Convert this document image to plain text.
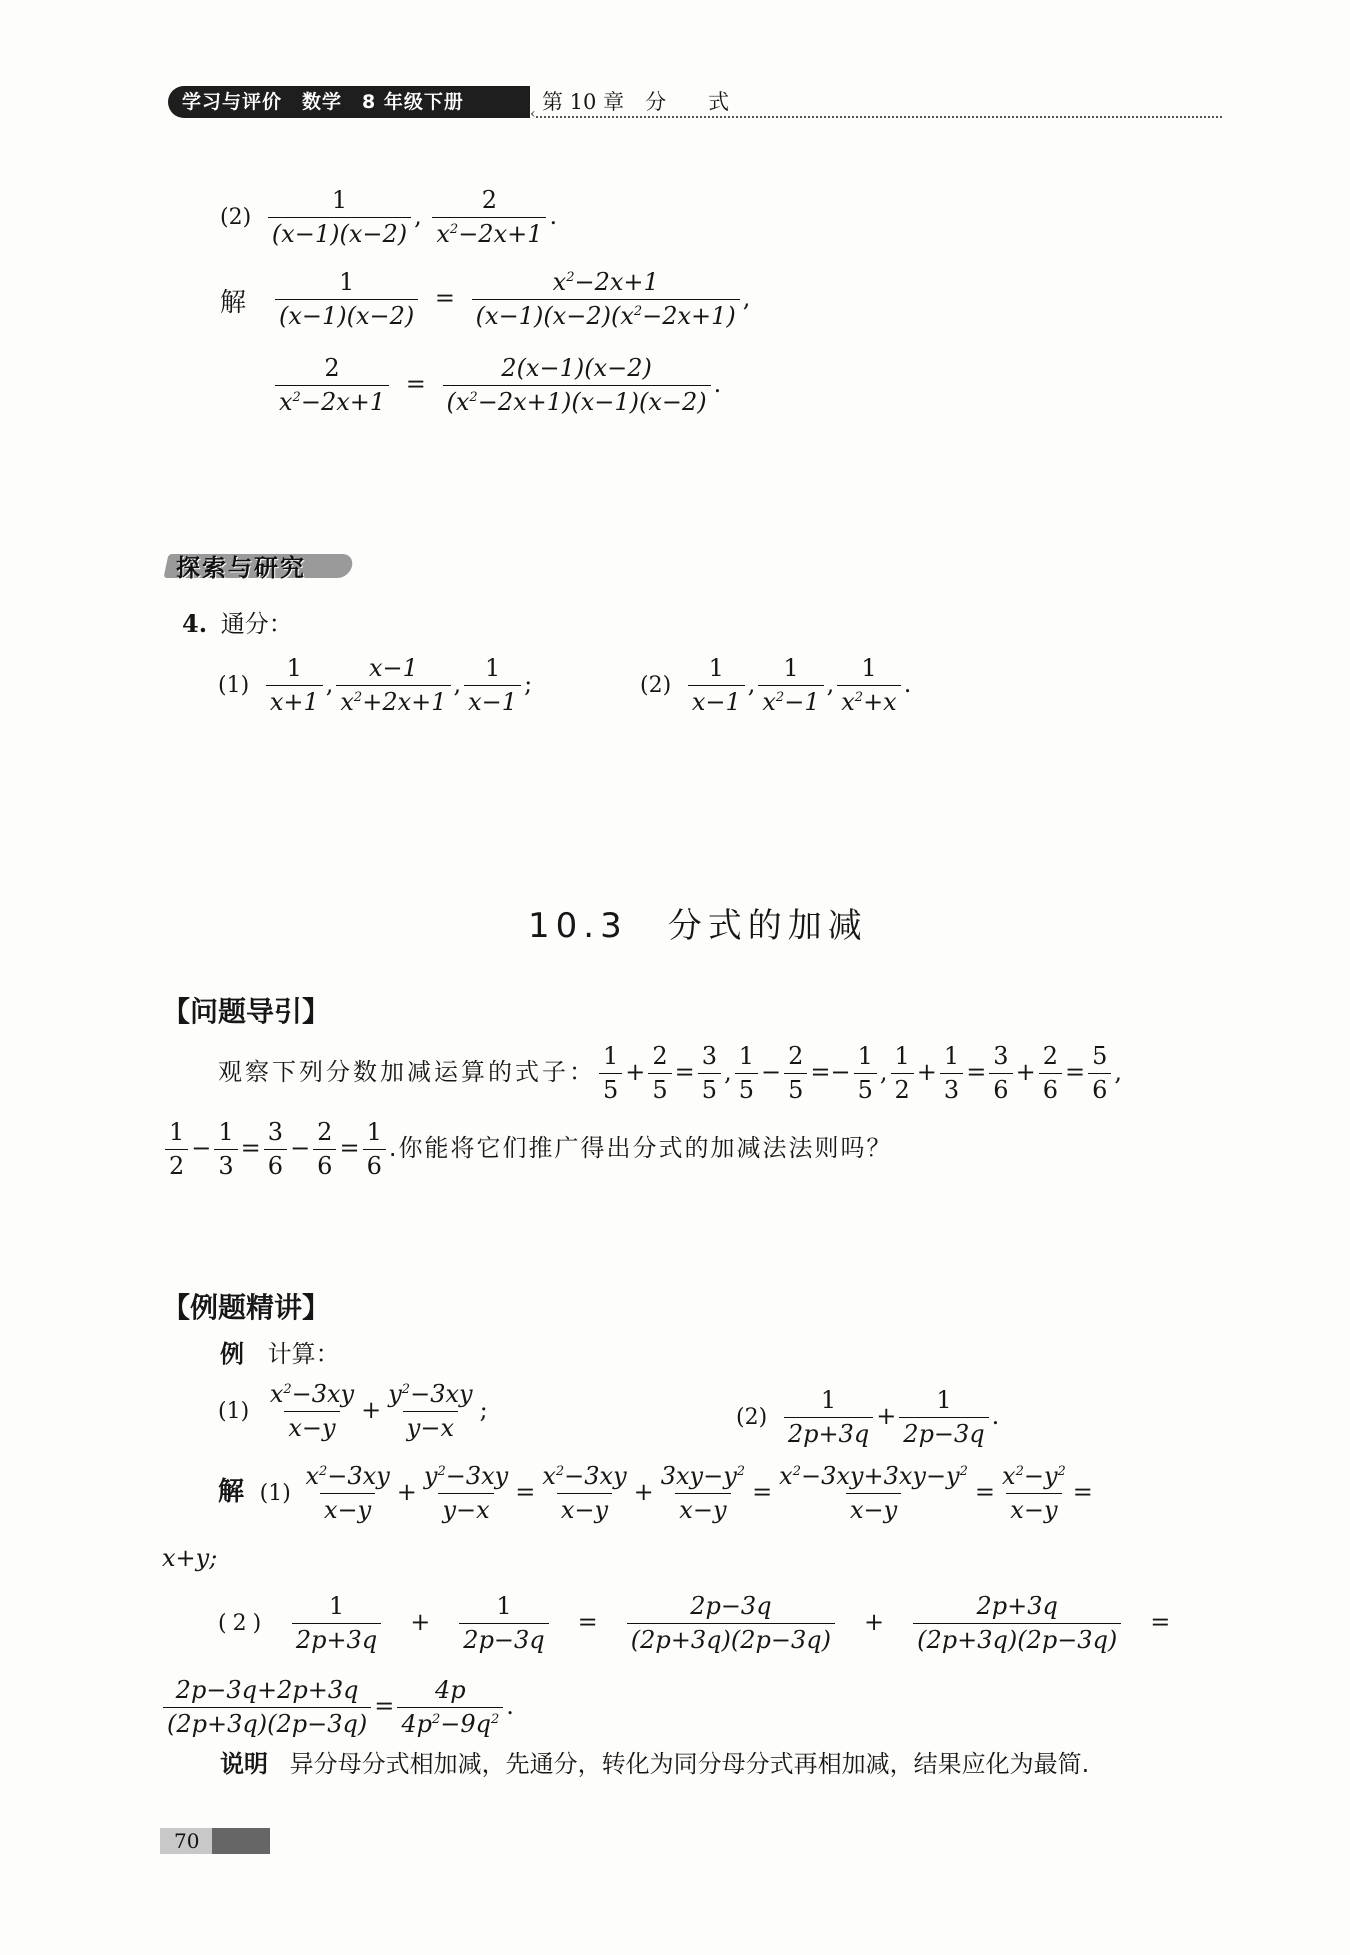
学习与评价　数学　8 年级下册
‹ 第 10 章　分　　式
$(2) \frac{1}{(x-1)(x-2)}$ , $\frac{2}{x^2-2x+1}$ .
解 $\frac{1}{(x-1)(x-2)} = \frac{x^2-2x+1}{(x-1)(x-2)(x^2-2x+1)}$ ,
$\frac{2}{x^2-2x+1} = \frac{2(x-1)(x-2)}{(x^2-2x+1)(x-1)(x-2)}$ .
探索与研究
4. 通分：
$(1) \frac{1}{x+1}$ , $\frac{x-1}{x^2+2x+1}$ , $\frac{1}{x-1}$ ;	$(2) \frac{1}{x-1}$ , $\frac{1}{x^2-1}$ , $\frac{1}{x^2+x}$ .
10.3　分式的加减
【问题导引】
观察下列分数加减运算的式子： $\frac{1}{5} + \frac{2}{5} = \frac{3}{5}$ , $\frac{1}{5} - \frac{2}{5} =- \frac{1}{5}$ , $\frac{1}{2} + \frac{1}{3} = \frac{3}{6} + \frac{2}{6} = \frac{5}{6}$ ,
$\frac{1}{2} - \frac{1}{3} = \frac{3}{6} - \frac{2}{6} = \frac{1}{6}$ .你能将它们推广得出分式的加减法法则吗？
【例题精讲】
例 计算：
$(1) \frac{x^2-3xy}{x-y} + \frac{y^2-3xy}{y-x}$ ;	$(2) \frac{1}{2p+3q} + \frac{1}{2p-3q}$ .
解 $(1) \frac{x^2-3xy}{x-y} + \frac{y^2-3xy}{y-x} = \frac{x^2-3xy}{x-y} + \frac{3xy-y^2}{x-y} = \frac{x^2-3xy+3xy-y^2}{x-y} = \frac{x^2-y^2}{x-y}$ =
x+y;
$(2) \frac{1}{2p+3q} + \frac{1}{2p-3q} = \frac{2p-3q}{(2p+3q)(2p-3q)} + \frac{2p+3q}{(2p+3q)(2p-3q)}$ =
$\frac{2p-3q+2p+3q}{(2p+3q)(2p-3q)} = \frac{4p}{4p^2-9q^2}$ .
说明 异分母分式相加减，先通分，转化为同分母分式再相加减，结果应化为最简.
70
